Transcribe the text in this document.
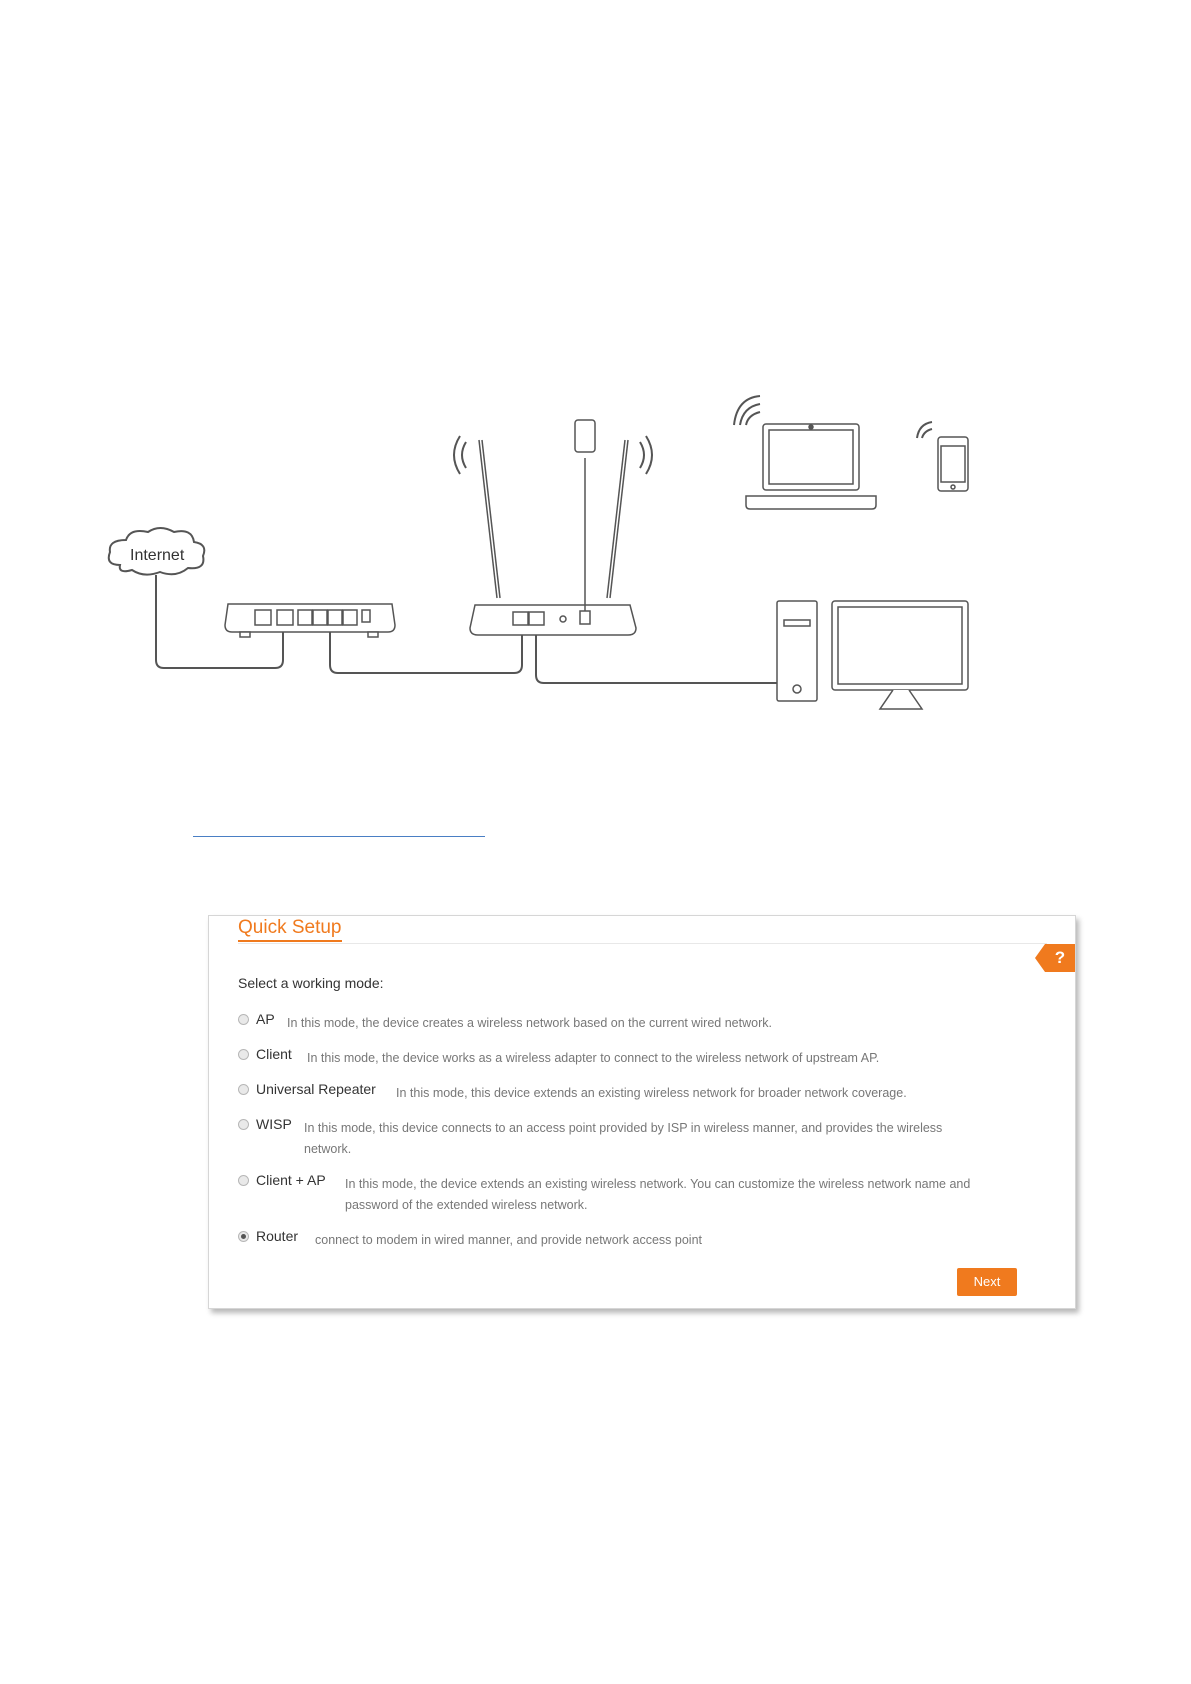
Internet
Quick Setup
?
Select a working mode:
AP In this mode, the device creates a wireless network based on the current wired network.
Client In this mode, the device works as a wireless adapter to connect to the wireless network of upstream AP.
Universal Repeater In this mode, this device extends an existing wireless network for broader network coverage.
WISP In this mode, this device connects to an access point provided by ISP in wireless manner, and provides the wireless network.
Client + AP In this mode, the device extends an existing wireless network. You can customize the wireless network name and password of the extended wireless network.
Router connect to modem in wired manner, and provide network access point
Next
